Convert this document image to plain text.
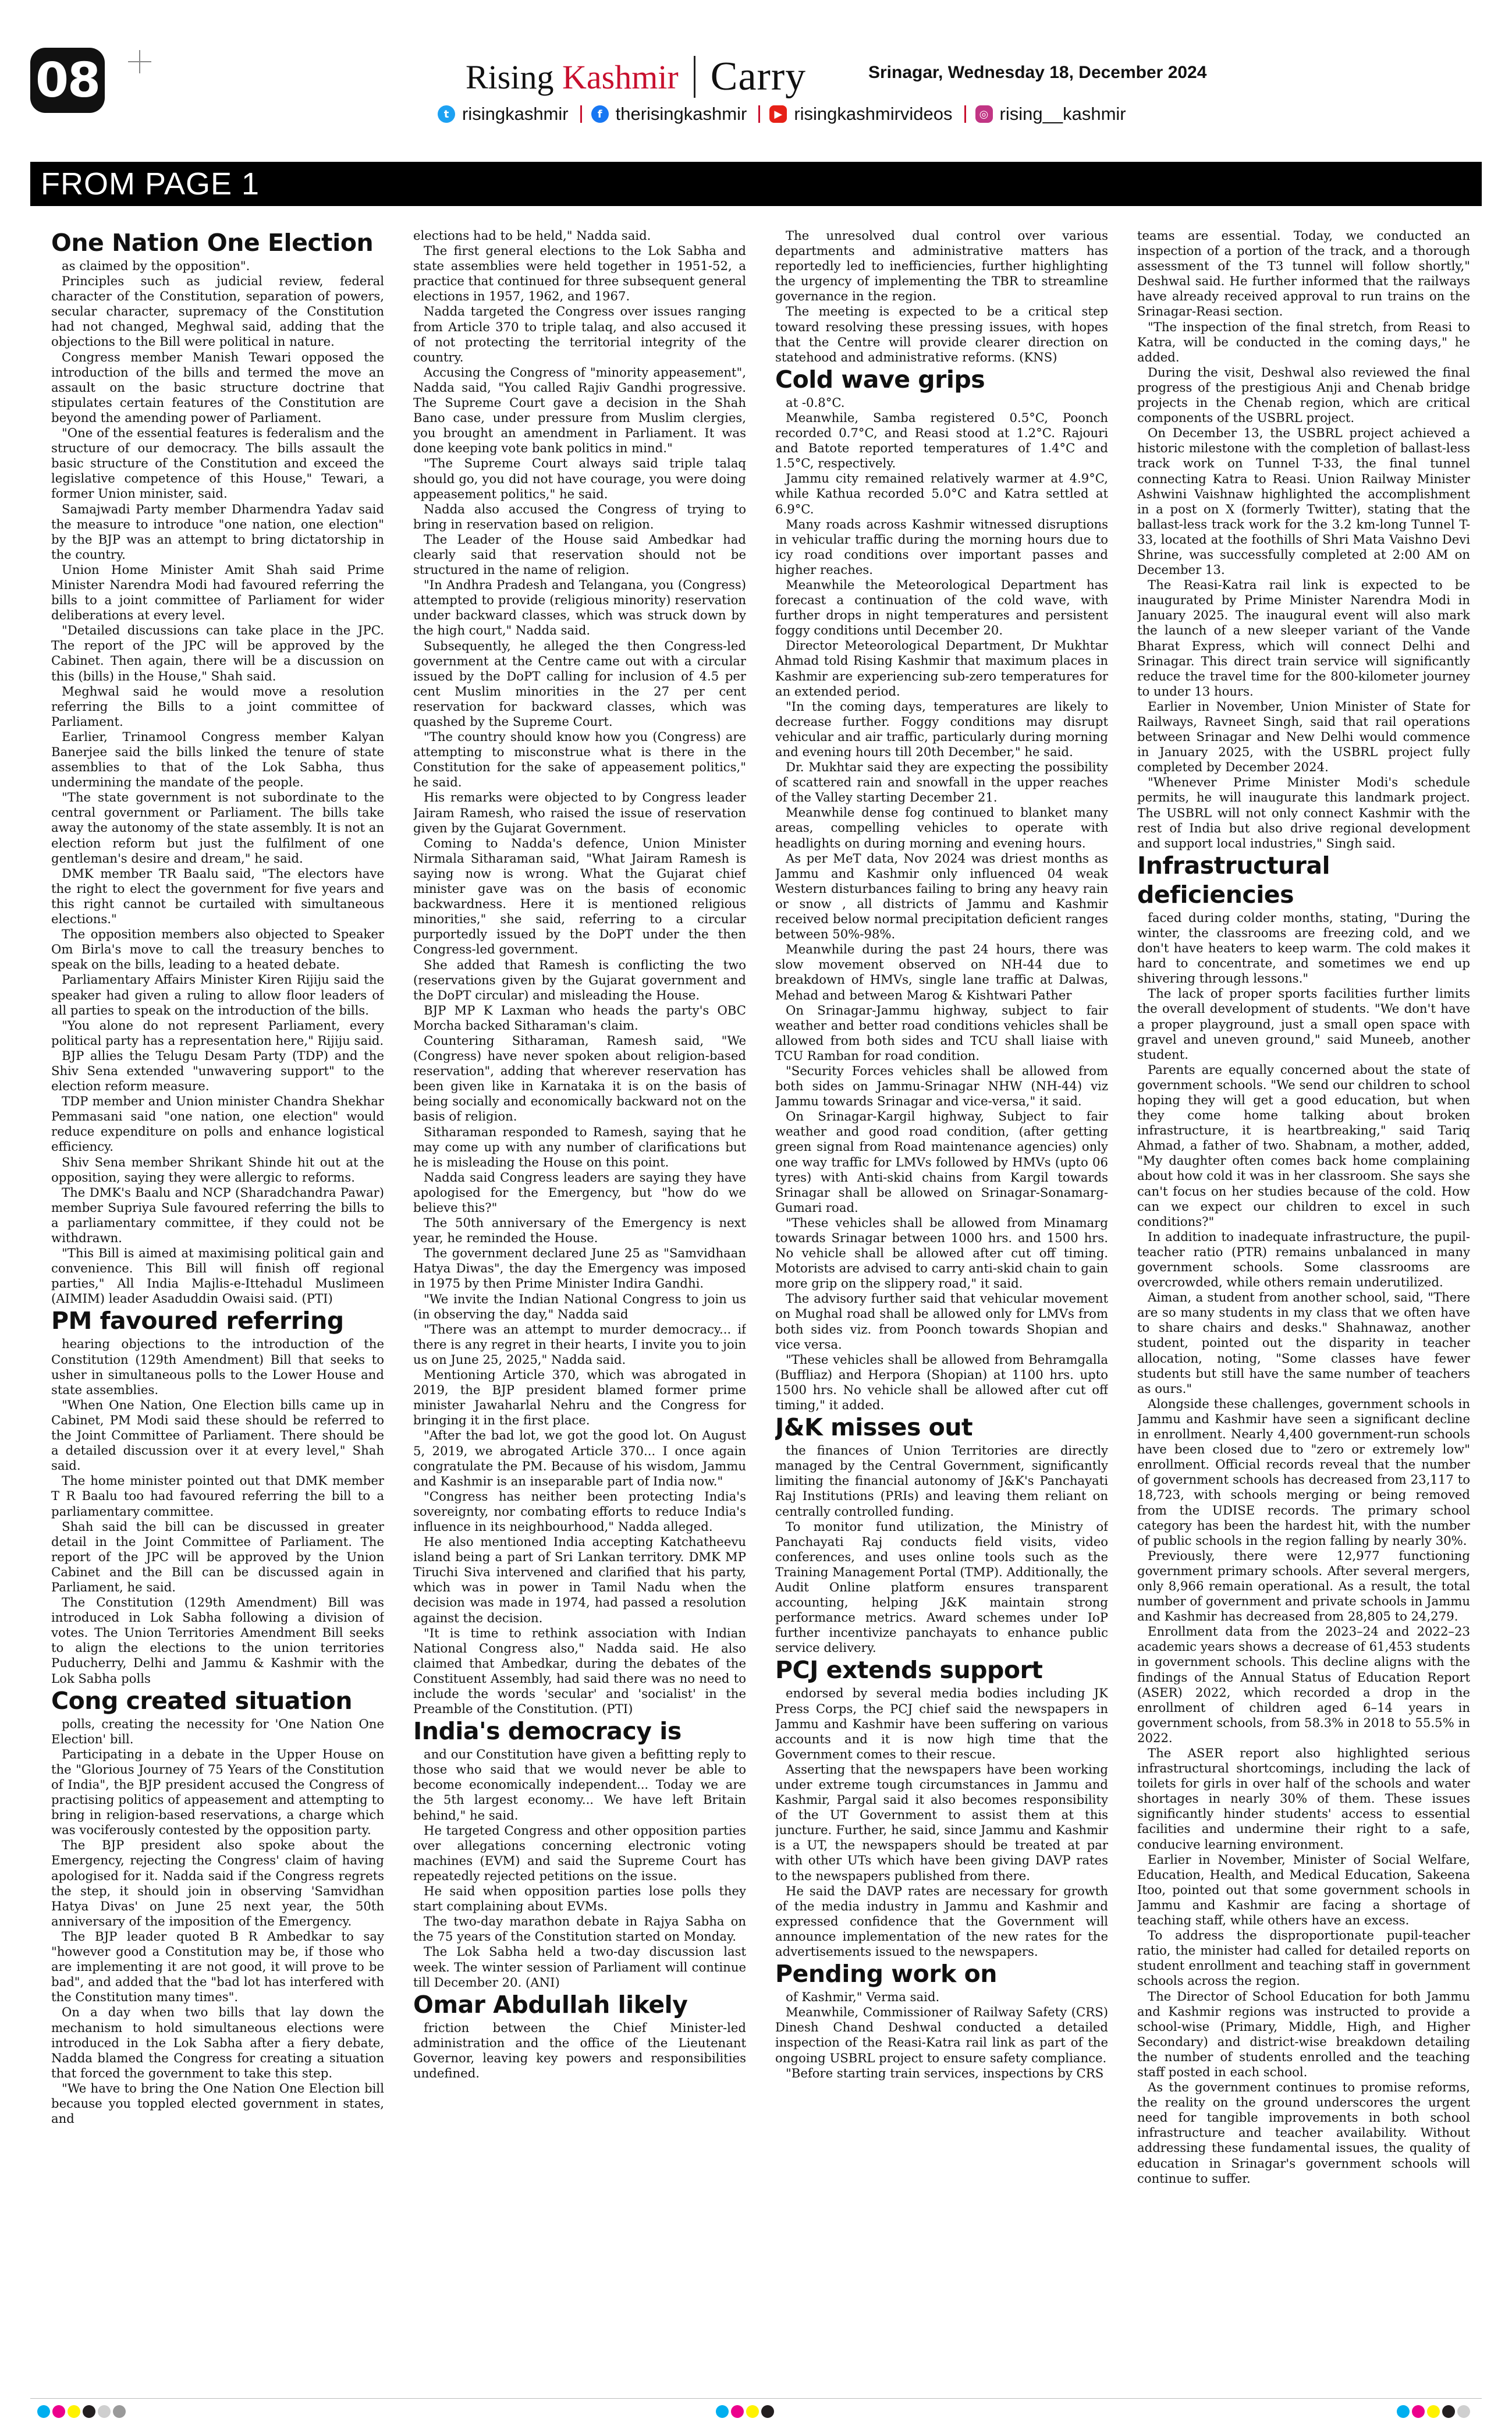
08	Rising Kashmir Carry	Srinagar, Wednesday 18, December 2024
t risingkashmir	f therisingkashmir	▶ risingkashmirvideos	◎ rising__kashmir
FROM PAGE 1
One Nation One Election

as claimed by the opposition".

Principles such as judicial review, federal character of the Constitution, separation of powers, secular character, supremacy of the Constitution had not changed, Meghwal said, adding that the objections to the Bill were political in nature.

Congress member Manish Tewari opposed the introduction of the bills and termed the move an assault on the basic structure doctrine that stipulates certain features of the Constitution are beyond the amending power of Parliament.

"One of the essential features is federalism and the structure of our democracy. The bills assault the basic structure of the Constitution and exceed the legislative competence of this House," Tewari, a former Union minister, said.

Samajwadi Party member Dharmendra Yadav said the measure to introduce "one nation, one election" by the BJP was an attempt to bring dictatorship in the country.

Union Home Minister Amit Shah said Prime Minister Narendra Modi had favoured referring the bills to a joint committee of Parliament for wider deliberations at every level.

"Detailed discussions can take place in the JPC. The report of the JPC will be approved by the Cabinet. Then again, there will be a discussion on this (bills) in the House," Shah said.

Meghwal said he would move a resolution referring the Bills to a joint committee of Parliament.

Earlier, Trinamool Congress member Kalyan Banerjee said the bills linked the tenure of state assemblies to that of the Lok Sabha, thus undermining the mandate of the people.

"The state government is not subordinate to the central government or Parliament. The bills take away the autonomy of the state assembly. It is not an election reform but just the fulfilment of one gentleman's desire and dream," he said.

DMK member TR Baalu said, "The electors have the right to elect the government for five years and this right cannot be curtailed with simultaneous elections."

The opposition members also objected to Speaker Om Birla's move to call the treasury benches to speak on the bills, leading to a heated debate.

Parliamentary Affairs Minister Kiren Rijiju said the speaker had given a ruling to allow floor leaders of all parties to speak on the introduction of the bills.

"You alone do not represent Parliament, every political party has a representation here," Rijiju said.

BJP allies the Telugu Desam Party (TDP) and the Shiv Sena extended "unwavering support" to the election reform measure.

TDP member and Union minister Chandra Shekhar Pemmasani said "one nation, one election" would reduce expenditure on polls and enhance logistical efficiency.

Shiv Sena member Shrikant Shinde hit out at the opposition, saying they were allergic to reforms.

The DMK's Baalu and NCP (Sharadchandra Pawar) member Supriya Sule favoured referring the bills to a parliamentary committee, if they could not be withdrawn.

"This Bill is aimed at maximising political gain and convenience. This Bill will finish off regional parties," All India Majlis-e-Ittehadul Muslimeen (AIMIM) leader Asaduddin Owaisi said. (PTI)

PM favoured referring

hearing objections to the introduction of the Constitution (129th Amendment) Bill that seeks to usher in simultaneous polls to the Lower House and state assemblies.

"When One Nation, One Election bills came up in Cabinet, PM Modi said these should be referred to the Joint Committee of Parliament. There should be a detailed discussion over it at every level," Shah said.

The home minister pointed out that DMK member T R Baalu too had favoured referring the bill to a parliamentary committee.

Shah said the bill can be discussed in greater detail in the Joint Committee of Parliament. The report of the JPC will be approved by the Union Cabinet and the Bill can be discussed again in Parliament, he said.

The Constitution (129th Amendment) Bill was introduced in Lok Sabha following a division of votes. The Union Territories Amendment Bill seeks to align the elections to the union territories Puducherry, Delhi and Jammu & Kashmir with the Lok Sabha polls

Cong created situation

polls, creating the necessity for 'One Nation One Election' bill.

Participating in a debate in the Upper House on the "Glorious Journey of 75 Years of the Constitution of India", the BJP president accused the Congress of practising politics of appeasement and attempting to bring in religion-based reservations, a charge which was vociferously contested by the opposition party.

The BJP president also spoke about the Emergency, rejecting the Congress' claim of having apologised for it. Nadda said if the Congress regrets the step, it should join in observing 'Samvidhan Hatya Divas' on June 25 next year, the 50th anniversary of the imposition of the Emergency.

The BJP leader quoted B R Ambedkar to say "however good a Constitution may be, if those who are implementing it are not good, it will prove to be bad", and added that the "bad lot has interfered with the Constitution many times".

On a day when two bills that lay down the mechanism to hold simultaneous elections were introduced in the Lok Sabha after a fiery debate, Nadda blamed the Congress for creating a situation that forced the government to take this step.

"We have to bring the One Nation One Election bill because you toppled elected government in states, and

elections had to be held," Nadda said.

The first general elections to the Lok Sabha and state assemblies were held together in 1951-52, a practice that continued for three subsequent general elections in 1957, 1962, and 1967.

Nadda targeted the Congress over issues ranging from Article 370 to triple talaq, and also accused it of not protecting the territorial integrity of the country.

Accusing the Congress of "minority appeasement", Nadda said, "You called Rajiv Gandhi progressive. The Supreme Court gave a decision in the Shah Bano case, under pressure from Muslim clergies, you brought an amendment in Parliament. It was done keeping vote bank politics in mind."

"The Supreme Court always said triple talaq should go, you did not have courage, you were doing appeasement politics," he said.

Nadda also accused the Congress of trying to bring in reservation based on religion.

The Leader of the House said Ambedkar had clearly said that reservation should not be structured in the name of religion.

"In Andhra Pradesh and Telangana, you (Congress) attempted to provide (religious minority) reservation under backward classes, which was struck down by the high court," Nadda said.

Subsequently, he alleged the then Congress-led government at the Centre came out with a circular issued by the DoPT calling for inclusion of 4.5 per cent Muslim minorities in the 27 per cent reservation for backward classes, which was quashed by the Supreme Court.

"The country should know how you (Congress) are attempting to misconstrue what is there in the Constitution for the sake of appeasement politics," he said.

His remarks were objected to by Congress leader Jairam Ramesh, who raised the issue of reservation given by the Gujarat Government.

Coming to Nadda's defence, Union Minister Nirmala Sitharaman said, "What Jairam Ramesh is saying now is wrong. What the Gujarat chief minister gave was on the basis of economic backwardness. Here it is mentioned religious minorities," she said, referring to a circular purportedly issued by the DoPT under the then Congress-led government.

She added that Ramesh is conflicting the two (reservations given by the Gujarat government and the DoPT circular) and misleading the House.

BJP MP K Laxman who heads the party's OBC Morcha backed Sitharaman's claim.

Countering Sitharaman, Ramesh said, "We (Congress) have never spoken about religion-based reservation", adding that wherever reservation has been given like in Karnataka it is on the basis of being socially and economically backward not on the basis of religion.

Sitharaman responded to Ramesh, saying that he may come up with any number of clarifications but he is misleading the House on this point.

Nadda said Congress leaders are saying they have apologised for the Emergency, but "how do we believe this?"

The 50th anniversary of the Emergency is next year, he reminded the House.

The government declared June 25 as "Samvidhaan Hatya Diwas", the day the Emergency was imposed in 1975 by then Prime Minister Indira Gandhi.

"We invite the Indian National Congress to join us (in observing the day," Nadda said

"There was an attempt to murder democracy... if there is any regret in their hearts, I invite you to join us on June 25, 2025," Nadda said.

Mentioning Article 370, which was abrogated in 2019, the BJP president blamed former prime minister Jawaharlal Nehru and the Congress for bringing it in the first place.

"After the bad lot, we got the good lot. On August 5, 2019, we abrogated Article 370... I once again congratulate the PM. Because of his wisdom, Jammu and Kashmir is an inseparable part of India now."

"Congress has neither been protecting India's sovereignty, nor combating efforts to reduce India's influence in its neighbourhood," Nadda alleged.

He also mentioned India accepting Katchatheevu island being a part of Sri Lankan territory. DMK MP Tiruchi Siva intervened and clarified that his party, which was in power in Tamil Nadu when the decision was made in 1974, had passed a resolution against the decision.

"It is time to rethink association with Indian National Congress also," Nadda said. He also claimed that Ambedkar, during the debates of the Constituent Assembly, had said there was no need to include the words 'secular' and 'socialist' in the Preamble of the Constitution. (PTI)

India's democracy is

and our Constitution have given a befitting reply to those who said that we would never be able to become economically independent... Today we are the 5th largest economy... We have left Britain behind," he said.

He targeted Congress and other opposition parties over allegations concerning electronic voting machines (EVM) and said the Supreme Court has repeatedly rejected petitions on the issue.

He said when opposition parties lose polls they start complaining about EVMs.

The two-day marathon debate in Rajya Sabha on the 75 years of the Constitution started on Monday.

The Lok Sabha held a two-day discussion last week. The winter session of Parliament will continue till December 20. (ANI)

Omar Abdullah likely

friction between the Chief Minister-led administration and the office of the Lieutenant Governor, leaving key powers and responsibilities undefined.

The unresolved dual control over various departments and administrative matters has reportedly led to inefficiencies, further highlighting the urgency of implementing the TBR to streamline governance in the region.

The meeting is expected to be a critical step toward resolving these pressing issues, with hopes that the Centre will provide clearer direction on statehood and administrative reforms. (KNS)

Cold wave grips

at -0.8°C.

Meanwhile, Samba registered 0.5°C, Poonch recorded 0.7°C, and Reasi stood at 1.2°C. Rajouri and Batote reported temperatures of 1.4°C and 1.5°C, respectively.

Jammu city remained relatively warmer at 4.9°C, while Kathua recorded 5.0°C and Katra settled at 6.9°C.

Many roads across Kashmir witnessed disruptions in vehicular traffic during the morning hours due to icy road conditions over important passes and higher reaches.

Meanwhile the Meteorological Department has forecast a continuation of the cold wave, with further drops in night temperatures and persistent foggy conditions until December 20.

Director Meteorological Department, Dr Mukhtar Ahmad told Rising Kashmir that maximum places in Kashmir are experiencing sub-zero temperatures for an extended period.

"In the coming days, temperatures are likely to decrease further. Foggy conditions may disrupt vehicular and air traffic, particularly during morning and evening hours till 20th December," he said.

Dr. Mukhtar said they are expecting the possibility of scattered rain and snowfall in the upper reaches of the Valley starting December 21.

Meanwhile dense fog continued to blanket many areas, compelling vehicles to operate with headlights on during morning and evening hours.

As per MeT data, Nov 2024 was driest months as Jammu and Kashmir only influenced 04 weak Western disturbances failing to bring any heavy rain or snow , all districts of Jammu and Kashmir received below normal precipitation deficient ranges between 50%-98%.

Meanwhile during the past 24 hours, there was slow movement observed on NH-44 due to breakdown of HMVs, single lane traffic at Dalwas, Mehad and between Marog & Kishtwari Pather

On Srinagar-Jammu highway, subject to fair weather and better road conditions vehicles shall be allowed from both sides and TCU shall liaise with TCU Ramban for road condition.

"Security Forces vehicles shall be allowed from both sides on Jammu-Srinagar NHW (NH-44) viz Jammu towards Srinagar and vice-versa," it said.

On Srinagar-Kargil highway, Subject to fair weather and good road condition, (after getting green signal from Road maintenance agencies) only one way traffic for LMVs followed by HMVs (upto 06 tyres) with Anti-skid chains from Kargil towards Srinagar shall be allowed on Srinagar-Sonamarg-Gumari road.

"These vehicles shall be allowed from Minamarg towards Srinagar between 1000 hrs. and 1500 hrs. No vehicle shall be allowed after cut off timing. Motorists are advised to carry anti-skid chain to gain more grip on the slippery road," it said.

The advisory further said that vehicular movement on Mughal road shall be allowed only for LMVs from both sides viz. from Poonch towards Shopian and vice versa.

"These vehicles shall be allowed from Behramgalla (Buffliaz) and Herpora (Shopian) at 1100 hrs. upto 1500 hrs. No vehicle shall be allowed after cut off timing," it added.

J&K misses out

the finances of Union Territories are directly managed by the Central Government, significantly limiting the financial autonomy of J&K's Panchayati Raj Institutions (PRIs) and leaving them reliant on centrally controlled funding.

To monitor fund utilization, the Ministry of Panchayati Raj conducts field visits, video conferences, and uses online tools such as the Training Management Portal (TMP). Additionally, the Audit Online platform ensures transparent accounting, helping J&K maintain strong performance metrics. Award schemes under IoP further incentivize panchayats to enhance public service delivery.

PCJ extends support

endorsed by several media bodies including JK Press Corps, the PCJ chief said the newspapers in Jammu and Kashmir have been suffering on various accounts and it is now high time that the Government comes to their rescue.

Asserting that the newspapers have been working under extreme tough circumstances in Jammu and Kashmir, Pargal said it also becomes responsibility of the UT Government to assist them at this juncture. Further, he said, since Jammu and Kashmir is a UT, the newspapers should be treated at par with other UTs which have been giving DAVP rates to the newspapers published from there.

He said the DAVP rates are necessary for growth of the media industry in Jammu and Kashmir and expressed confidence that the Government will announce implementation of the new rates for the advertisements issued to the newspapers.

Pending work on

of Kashmir," Verma said.

Meanwhile, Commissioner of Railway Safety (CRS) Dinesh Chand Deshwal conducted a detailed inspection of the Reasi-Katra rail link as part of the ongoing USBRL project to ensure safety compliance.

"Before starting train services, inspections by CRS

teams are essential. Today, we conducted an inspection of a portion of the track, and a thorough assessment of the T3 tunnel will follow shortly," Deshwal said. He further informed that the railways have already received approval to run trains on the Srinagar-Reasi section.

"The inspection of the final stretch, from Reasi to Katra, will be conducted in the coming days," he added.

During the visit, Deshwal also reviewed the final progress of the prestigious Anji and Chenab bridge projects in the Chenab region, which are critical components of the USBRL project.

On December 13, the USBRL project achieved a historic milestone with the completion of ballast-less track work on Tunnel T-33, the final tunnel connecting Katra to Reasi. Union Railway Minister Ashwini Vaishnaw highlighted the accomplishment in a post on X (formerly Twitter), stating that the ballast-less track work for the 3.2 km-long Tunnel T-33, located at the foothills of Shri Mata Vaishno Devi Shrine, was successfully completed at 2:00 AM on December 13.

The Reasi-Katra rail link is expected to be inaugurated by Prime Minister Narendra Modi in January 2025. The inaugural event will also mark the launch of a new sleeper variant of the Vande Bharat Express, which will connect Delhi and Srinagar. This direct train service will significantly reduce the travel time for the 800-kilometer journey to under 13 hours.

Earlier in November, Union Minister of State for Railways, Ravneet Singh, said that rail operations between Srinagar and New Delhi would commence in January 2025, with the USBRL project fully completed by December 2024.

"Whenever Prime Minister Modi's schedule permits, he will inaugurate this landmark project. The USBRL will not only connect Kashmir with the rest of India but also drive regional development and support local industries," Singh said.

Infrastructural deficiencies

faced during colder months, stating, "During the winter, the classrooms are freezing cold, and we don't have heaters to keep warm. The cold makes it hard to concentrate, and sometimes we end up shivering through lessons."

The lack of proper sports facilities further limits the overall development of students. "We don't have a proper playground, just a small open space with gravel and uneven ground," said Muneeb, another student.

Parents are equally concerned about the state of government schools. "We send our children to school hoping they will get a good education, but when they come home talking about broken infrastructure, it is heartbreaking," said Tariq Ahmad, a father of two. Shabnam, a mother, added, "My daughter often comes back home complaining about how cold it was in her classroom. She says she can't focus on her studies because of the cold. How can we expect our children to excel in such conditions?"

In addition to inadequate infrastructure, the pupil-teacher ratio (PTR) remains unbalanced in many government schools. Some classrooms are overcrowded, while others remain underutilized.

Aiman, a student from another school, said, "There are so many students in my class that we often have to share chairs and desks." Shahnawaz, another student, pointed out the disparity in teacher allocation, noting, "Some classes have fewer students but still have the same number of teachers as ours."

Alongside these challenges, government schools in Jammu and Kashmir have seen a significant decline in enrollment. Nearly 4,400 government-run schools have been closed due to "zero or extremely low" enrollment. Official records reveal that the number of government schools has decreased from 23,117 to 18,723, with schools merging or being removed from the UDISE records. The primary school category has been the hardest hit, with the number of public schools in the region falling by nearly 30%.

Previously, there were 12,977 functioning government primary schools. After several mergers, only 8,966 remain operational. As a result, the total number of government and private schools in Jammu and Kashmir has decreased from 28,805 to 24,279.

Enrollment data from the 2023–24 and 2022–23 academic years shows a decrease of 61,453 students in government schools. This decline aligns with the findings of the Annual Status of Education Report (ASER) 2022, which recorded a drop in the enrollment of children aged 6–14 years in government schools, from 58.3% in 2018 to 55.5% in 2022.

The ASER report also highlighted serious infrastructural shortcomings, including the lack of toilets for girls in over half of the schools and water shortages in nearly 30% of them. These issues significantly hinder students' access to essential facilities and undermine their right to a safe, conducive learning environment.

Earlier in November, Minister of Social Welfare, Education, Health, and Medical Education, Sakeena Itoo, pointed out that some government schools in Jammu and Kashmir are facing a shortage of teaching staff, while others have an excess.

To address the disproportionate pupil-teacher ratio, the minister had called for detailed reports on student enrollment and teaching staff in government schools across the region.

The Director of School Education for both Jammu and Kashmir regions was instructed to provide a school-wise (Primary, Middle, High, and Higher Secondary) and district-wise breakdown detailing the number of students enrolled and the teaching staff posted in each school.

As the government continues to promise reforms, the reality on the ground underscores the urgent need for tangible improvements in both school infrastructure and teacher availability. Without addressing these fundamental issues, the quality of education in Srinagar's government schools will continue to suffer.
